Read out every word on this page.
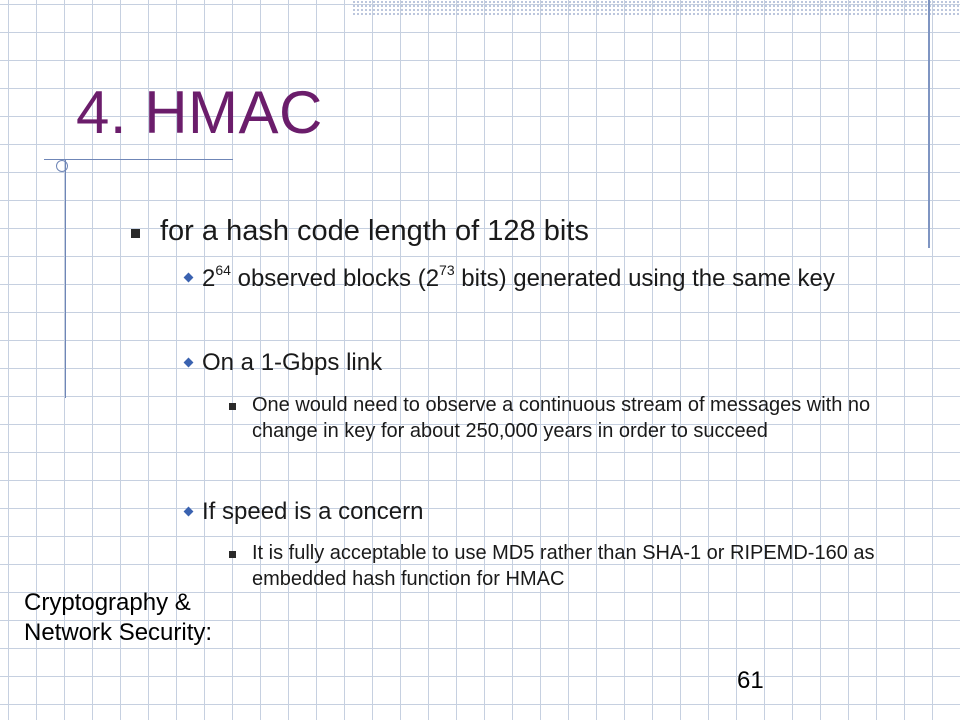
4. HMAC
for a hash code length of 128 bits
$2^{64}$ observed blocks ($2^{73}$ bits) generated using the same key
On a 1-Gbps link
One would need to observe a continuous stream of messages with no change in key for about 250,000 years in order to succeed
If speed is a concern
It is fully acceptable to use MD5 rather than SHA-1 or RIPEMD-160 as embedded hash function for HMAC
Cryptography & Network Security:
61
